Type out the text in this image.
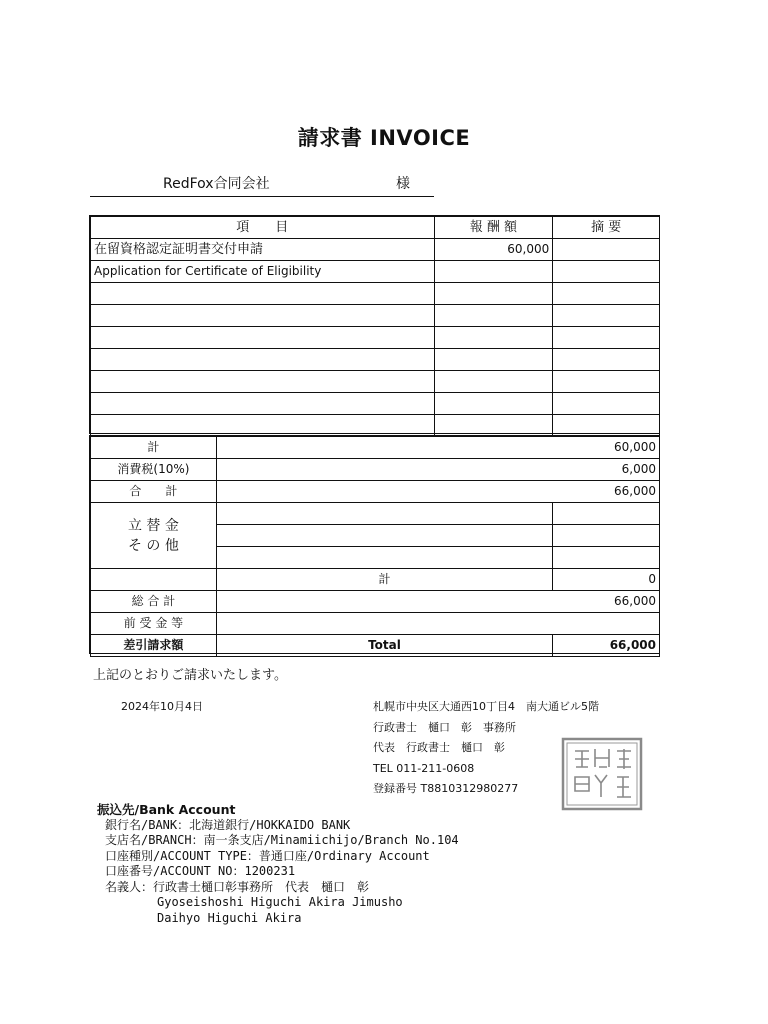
請求書 INVOICE
RedFox合同会社	様
項　　目	報 酬 額	摘 要
在留資格認定証明書交付申請	60,000	
Application for Certificate of Eligibility		

計	60,000	
消費税(10%)	6,000	
合　　計	66,000	

立 替 金
そ の 他		

	計	0
総 合 計	66,000	
前 受 金 等		
差引請求額	Total	66,000
上記のとおりご請求いたします。
2024年10月4日	札幌市中央区大通西10丁目4　南大通ビル5階
行政書士　樋口　彰　事務所
代表　行政書士　樋口　彰
TEL 011-211-0608
登録番号 T8810312980277
振込先/Bank Account
銀行名/BANK：北海道銀行/HOKKAIDO BANK
支店名/BRANCH：南一条支店/Minamiichijo/Branch No.104
口座種別/ACCOUNT TYPE：普通口座/Ordinary Account
口座番号/ACCOUNT NO：1200231
名義人：行政書士樋口彰事務所　代表　樋口　彰
Gyoseishoshi Higuchi Akira Jimusho
Daihyo Higuchi Akira
